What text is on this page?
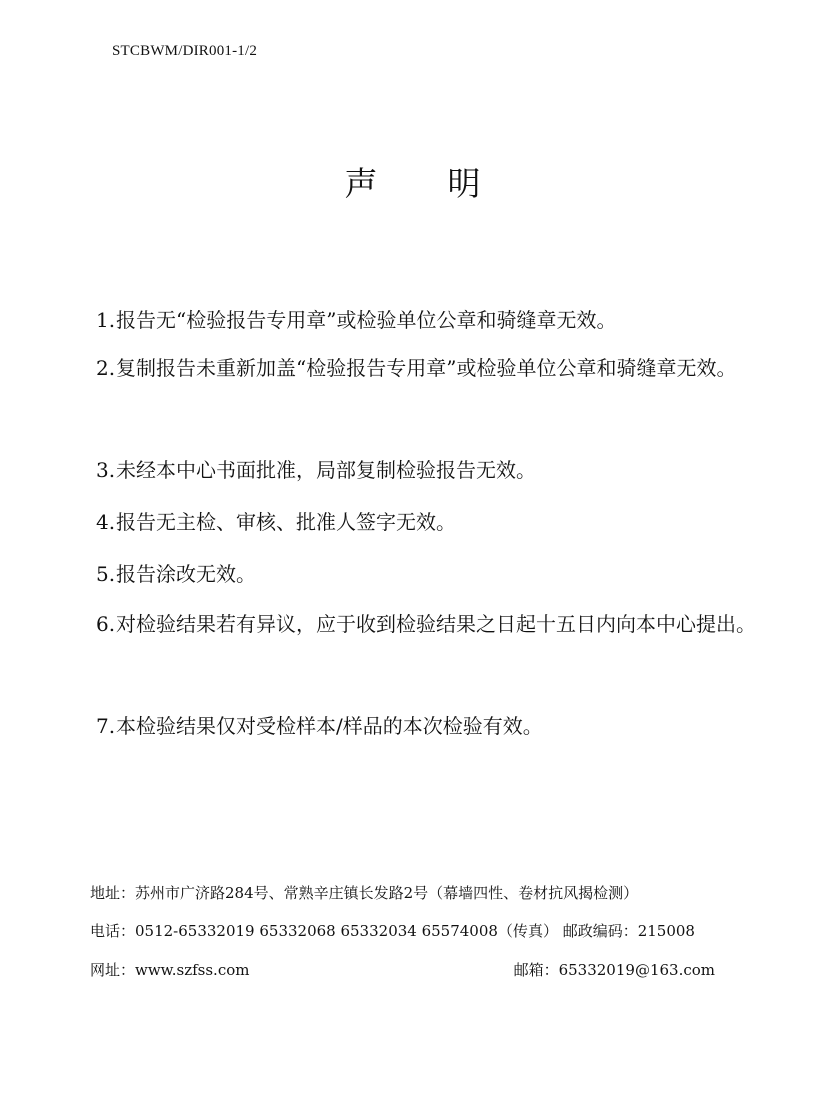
STCBWM/DIR001-1/2
声 明
1. 报告无“检验报告专用章”或检验单位公章和骑缝章无效。
2. 复制报告未重新加盖“检验报告专用章”或检验单位公章和骑缝章无效。
3. 未经本中心书面批准，局部复制检验报告无效。
4. 报告无主检、审核、批准人签字无效。
5. 报告涂改无效。
6. 对检验结果若有异议，应于收到检验结果之日起十五日内向本中心提出。
7. 本检验结果仅对受检样本/样品的本次检验有效。
地址：苏州市广济路284号、常熟辛庄镇长发路2号（幕墙四性、卷材抗风揭检测）
电话：0512-65332019 65332068 65332034 65574008（传真） 邮政编码：215008
网址：www.szfss.com	邮箱：65332019@163.com
